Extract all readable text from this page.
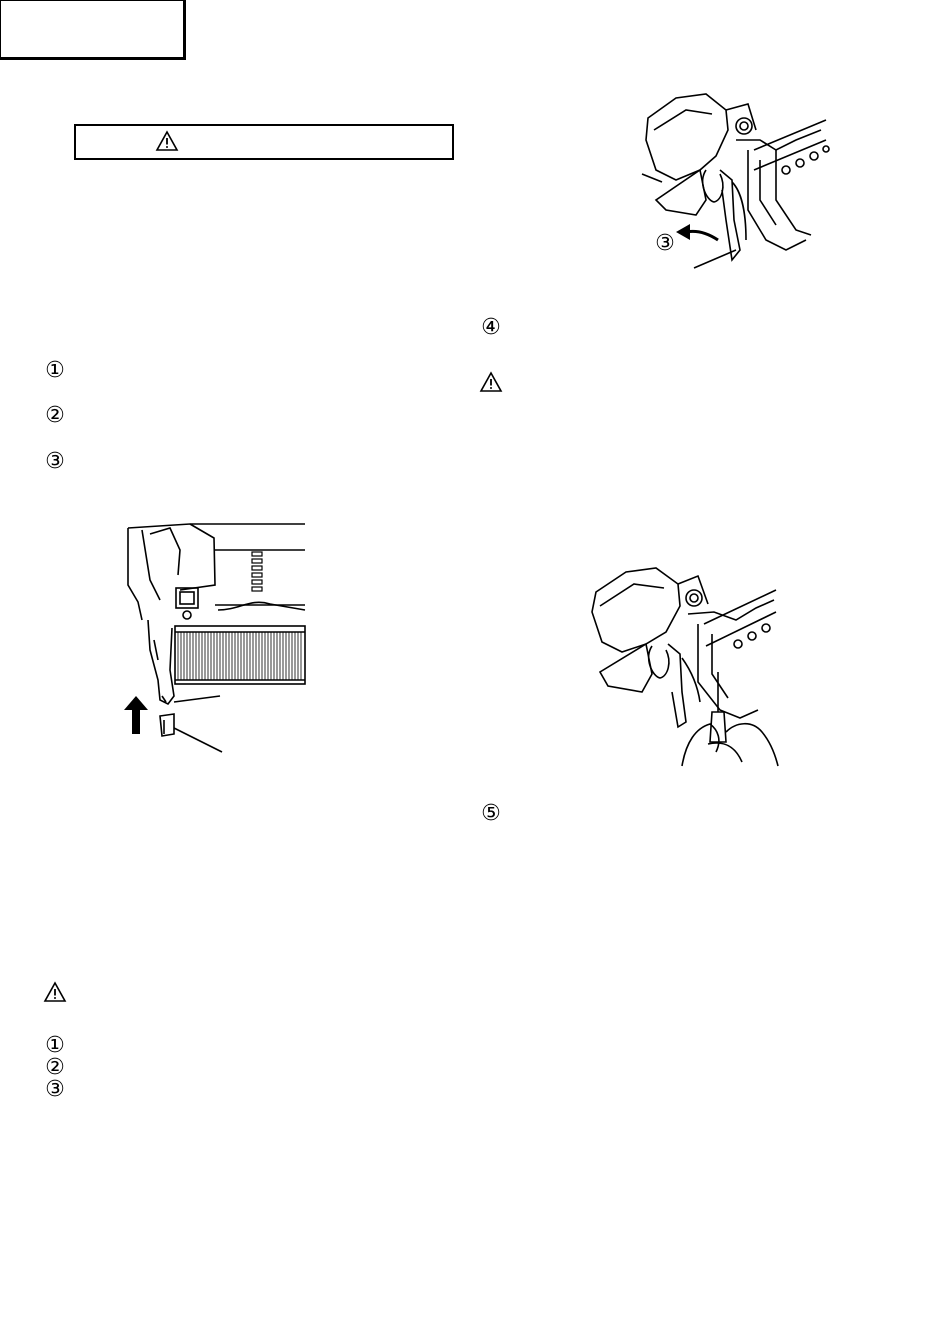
①
②
③
①
②
③
③
④
⑤
